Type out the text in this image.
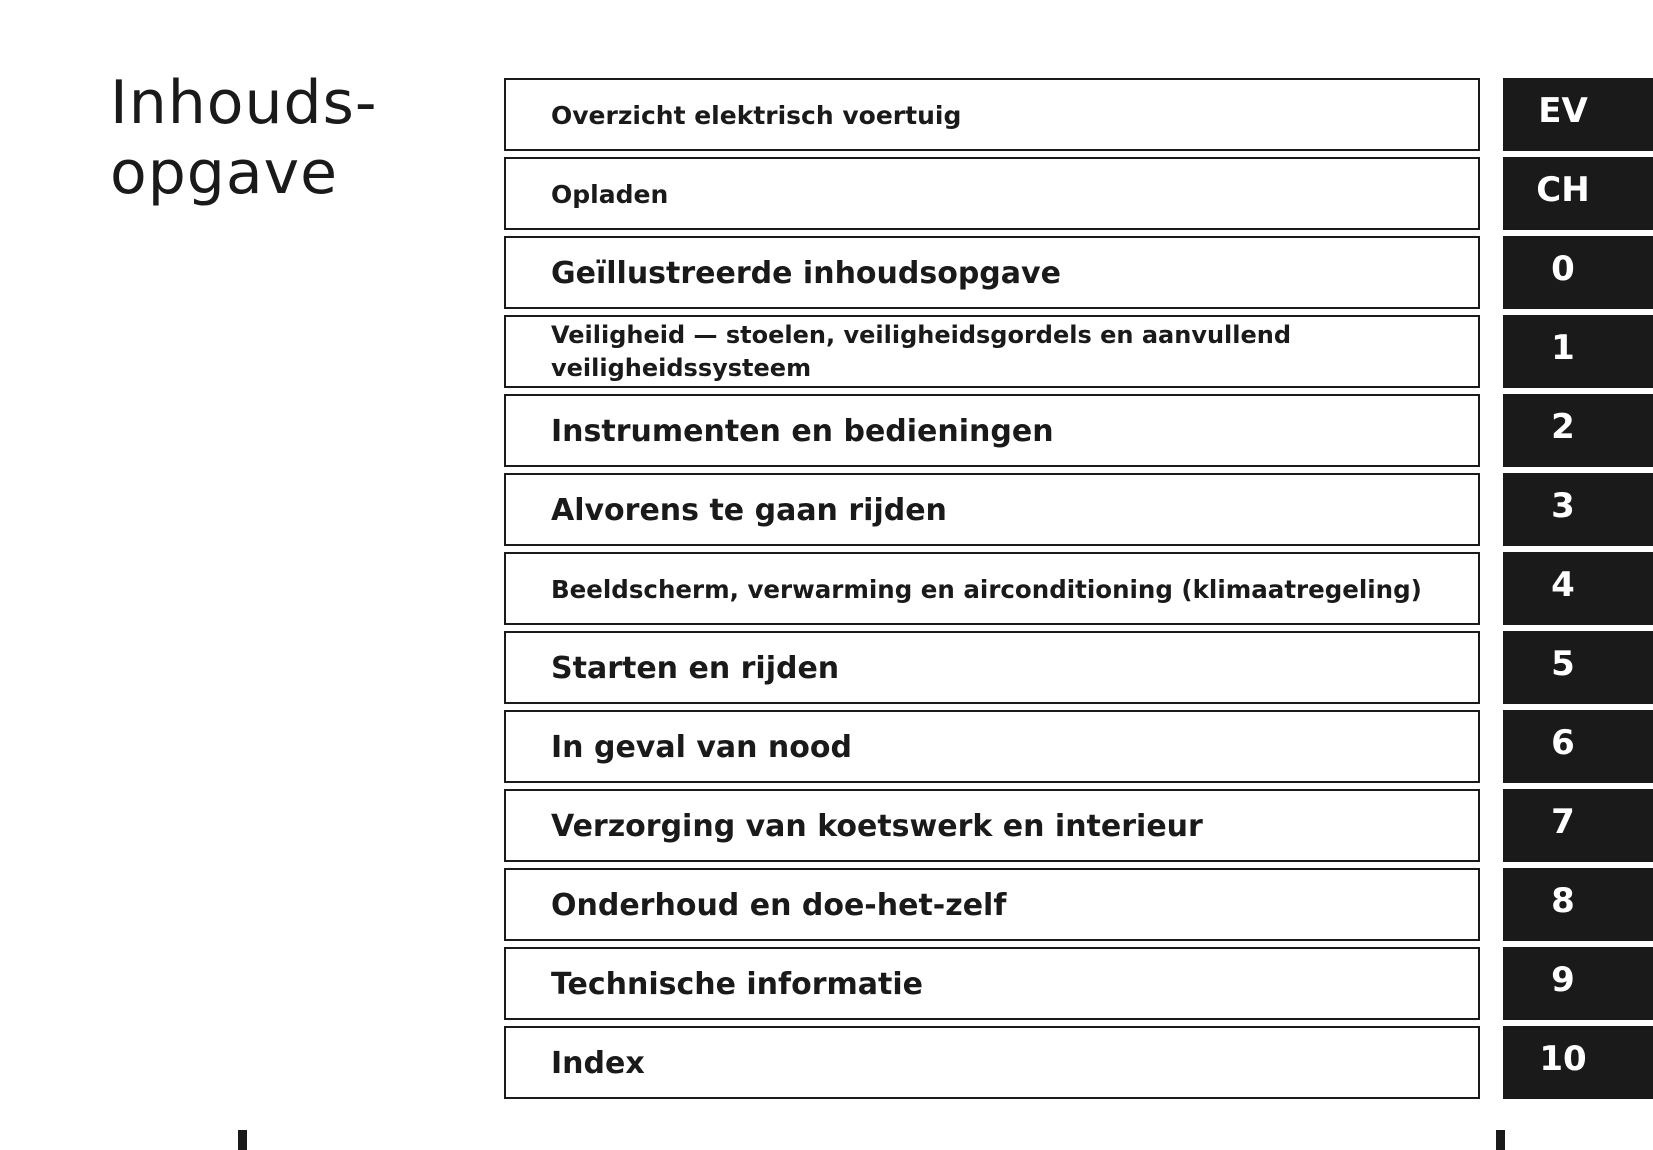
Inhouds-
opgave
Overzicht elektrisch voertuig	EV
Opladen	CH
Geïllustreerde inhoudsopgave	0
Veiligheid — stoelen, veiligheidsgordels en aanvullend veiligheidssysteem	1
Instrumenten en bedieningen	2
Alvorens te gaan rijden	3
Beeldscherm, verwarming en airconditioning (klimaatregeling)	4
Starten en rijden	5
In geval van nood	6
Verzorging van koetswerk en interieur	7
Onderhoud en doe-het-zelf	8
Technische informatie	9
Index	10
